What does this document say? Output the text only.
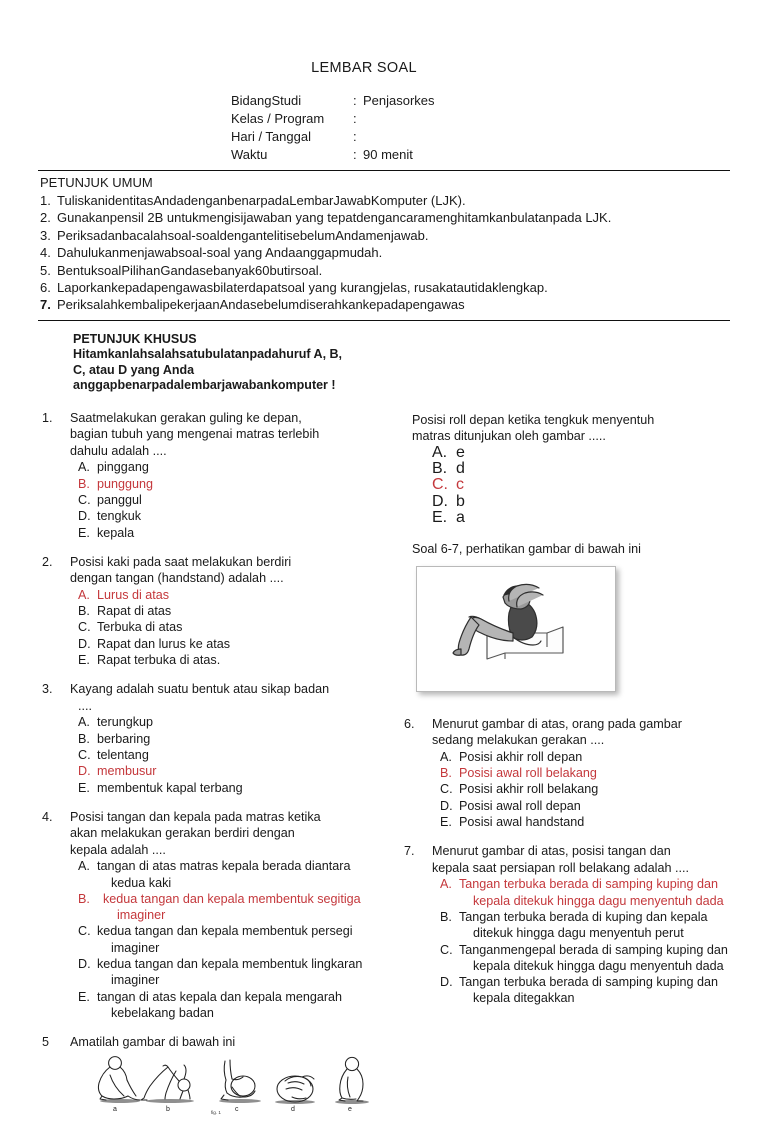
LEMBAR SOAL
BidangStudi	:	Penjasorkes
Kelas / Program	:	
Hari / Tanggal	:	
Waktu	:	90 menit
PETUNJUK UMUM
1. TuliskanidentitasAndadenganbenarpadaLembarJawabKomputer (LJK).
2. Gunakanpensil 2B untukmengisijawaban yang tepatdengancaramenghitamkanbulatanpada LJK.
3. Periksadanbacalahsoal-soaldengantelitisebelumAndamenjawab.
4. Dahulukanmenjawabsoal-soal yang Andaanggapmudah.
5. BentuksoalPilihanGandasebanyak60butirsoal.
6. Laporkankepadapengawasbilaterdapatsoal yang kurangjelas, rusakatautidaklengkap.
7. PeriksalahkembalipekerjaanAndasebelumdiserahkankepadapengawas
PETUNJUK KHUSUS
Hitamkanlahsalahsatubulatanpadahuruf A, B,
C, atau D yang Anda
anggapbenarpadalembarjawabankomputer !
1.	Saatmelakukan gerakan guling ke depan,
bagian tubuh yang mengenai matras terlebih
dahulu adalah ....
A. pinggang
B. punggung
C. panggul
D. tengkuk
E. kepala
2.	Posisi kaki pada saat melakukan berdiri
dengan tangan (handstand) adalah ....
A. Lurus di atas
B. Rapat di atas
C. Terbuka di atas
D. Rapat dan lurus ke atas
E. Rapat terbuka di atas.
3.	Kayang adalah suatu bentuk atau sikap badan
....
A. terungkup
B. berbaring
C. telentang
D. membusur
E. membentuk kapal terbang
4.	Posisi tangan dan kepala pada matras ketika
akan melakukan gerakan berdiri dengan
kepala adalah ....
A. tangan di atas matras kepala berada diantara kedua kaki
B.	kedua tangan dan kepala membentuk segitiga imaginer
C. kedua tangan dan kepala membentuk persegi imaginer
D. kedua tangan dan kepala membentuk lingkaran imaginer
E. tangan di atas kepala dan kepala mengarah kebelakang badan
5	Amatilah gambar di bawah ini
a	b	c	d	e
fig. 1
Posisi roll depan ketika tengkuk menyentuh
matras ditunjukan oleh gambar .....
A. e
B. d
C. c
D. b
E. a
Soal 6-7, perhatikan gambar di bawah ini
6.	Menurut gambar di atas, orang pada gambar
sedang melakukan gerakan ....
A. Posisi akhir roll depan
B. Posisi awal roll belakang
C. Posisi akhir roll belakang
D. Posisi awal roll depan
E. Posisi awal handstand
7.	Menurut gambar di atas, posisi tangan dan
kepala saat persiapan roll belakang adalah ....
A. Tangan terbuka berada di samping kuping dan kepala ditekuk hingga dagu menyentuh dada
B. Tangan terbuka berada di kuping dan kepala ditekuk hingga dagu menyentuh perut
C. Tanganmengepal berada di samping kuping dan kepala ditekuk hingga dagu menyentuh dada
D. Tangan terbuka berada di samping kuping dan kepala ditegakkan
